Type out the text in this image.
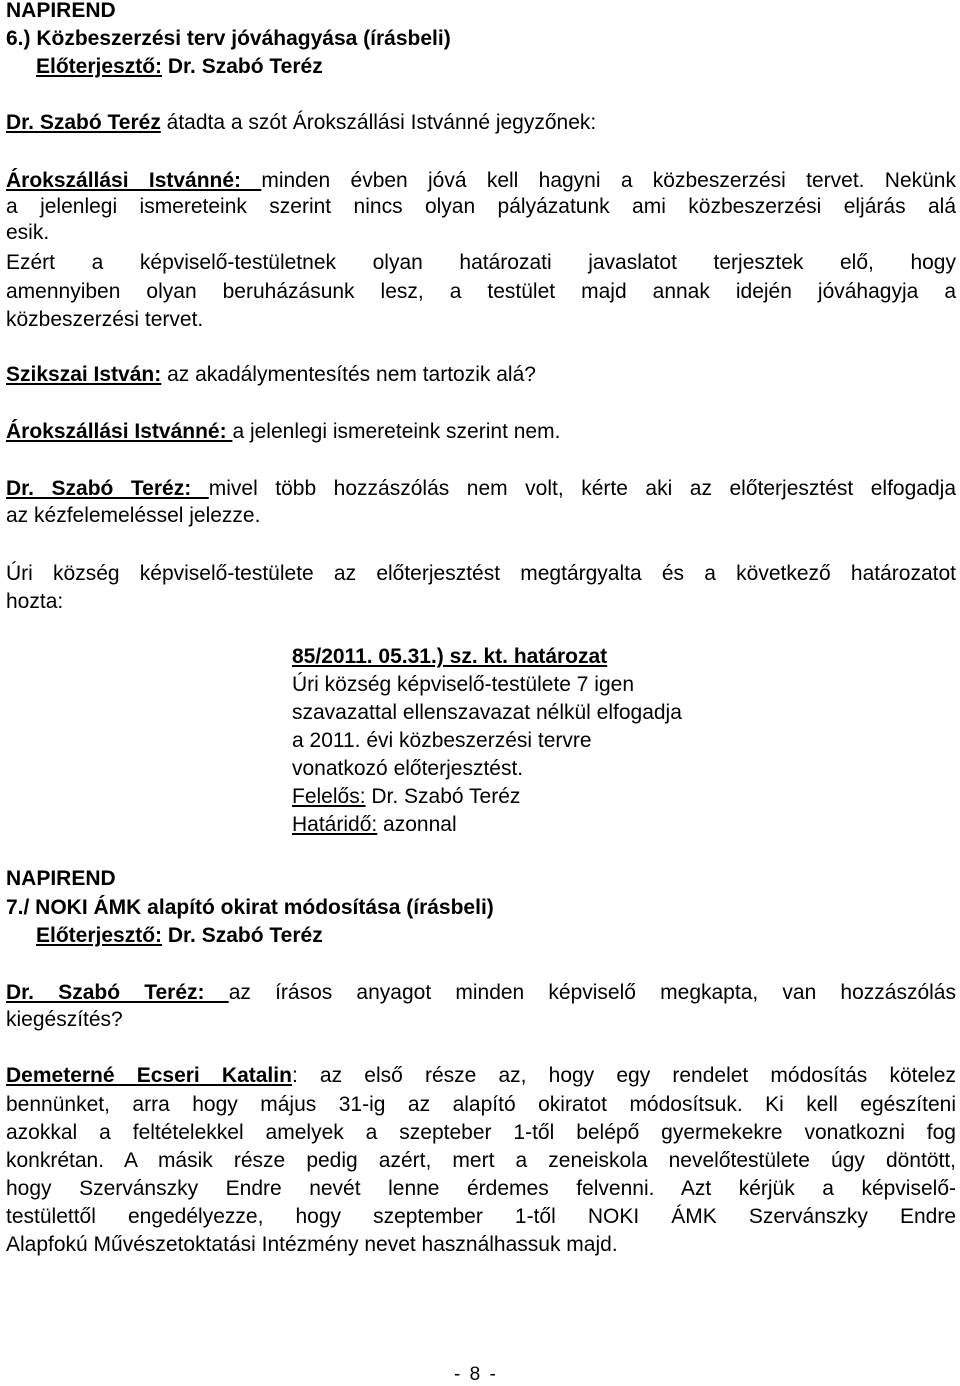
NAPIREND
6.) Közbeszerzési terv jóváhagyása (írásbeli)
Előterjesztő: Dr. Szabó Teréz
Dr. Szabó Teréz átadta a szót Árokszállási Istvánné jegyzőnek:
Árokszállási Istvánné: minden évben jóvá kell hagyni a közbeszerzési tervet. Nekünk
a jelenlegi ismereteink szerint nincs olyan pályázatunk ami közbeszerzési eljárás alá
esik.
Ezért a képviselő-testületnek olyan határozati javaslatot terjesztek elő, hogy
amennyiben olyan beruházásunk lesz, a testület majd annak idején jóváhagyja a
közbeszerzési tervet.
Szikszai István: az akadálymentesítés nem tartozik alá?
Árokszállási Istvánné: a jelenlegi ismereteink szerint nem.
Dr. Szabó Teréz: mivel több hozzászólás nem volt, kérte aki az előterjesztést elfogadja
az kézfelemeléssel jelezze.
Úri község képviselő-testülete az előterjesztést megtárgyalta és a következő határozatot
hozta:
85/2011. 05.31.) sz. kt. határozat
Úri község képviselő-testülete 7 igen
szavazattal ellenszavazat nélkül elfogadja
a 2011. évi közbeszerzési tervre
vonatkozó előterjesztést.
Felelős: Dr. Szabó Teréz
Határidő: azonnal
NAPIREND
7./ NOKI ÁMK alapító okirat módosítása (írásbeli)
Előterjesztő: Dr. Szabó Teréz
Dr. Szabó Teréz: az írásos anyagot minden képviselő megkapta, van hozzászólás
kiegészítés?
Demeterné Ecseri Katalin: az első része az, hogy egy rendelet módosítás kötelez
bennünket, arra hogy május 31-ig az alapító okiratot módosítsuk. Ki kell egészíteni
azokkal a feltételekkel amelyek a szepteber 1-től belépő gyermekekre vonatkozni fog
konkrétan. A másik része pedig azért, mert a zeneiskola nevelőtestülete úgy döntött,
hogy Szervánszky Endre nevét lenne érdemes felvenni. Azt kérjük a képviselő-
testülettől engedélyezze, hogy szeptember 1-től NOKI ÁMK Szervánszky Endre
Alapfokú Művészetoktatási Intézmény nevet használhassuk majd.
- 8 -
